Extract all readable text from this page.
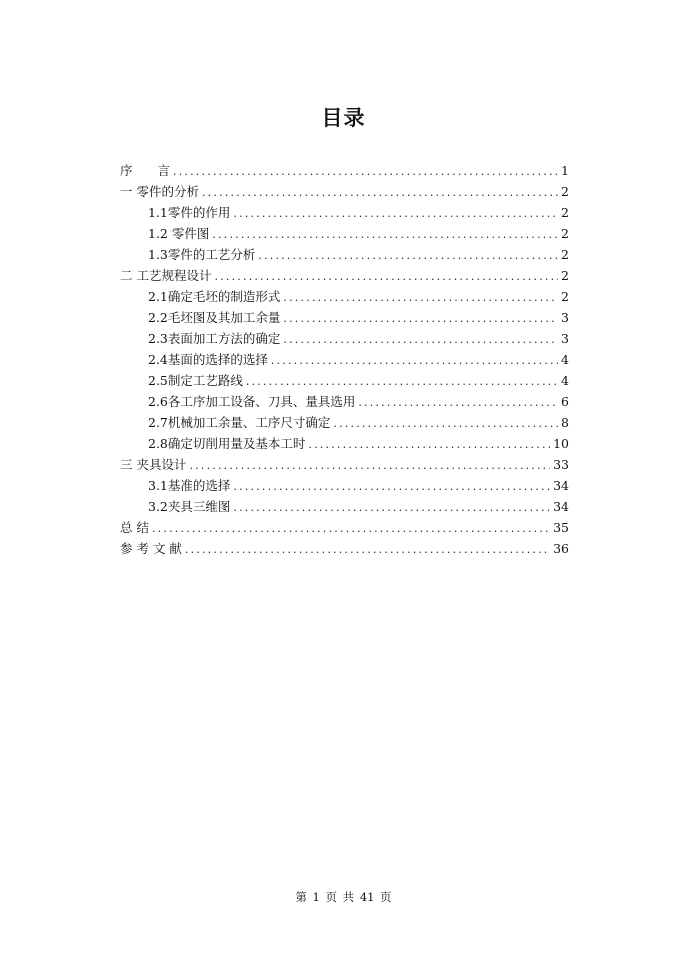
目录
序　　言 .....	1
一 零件的分析 .....	2
1.1零件的作用 .....	2
1.2 零件图 .....	2
1.3零件的工艺分析 .....	2
二 工艺规程设计 .....	2
2.1确定毛坯的制造形式 .....	2
2.2毛坯图及其加工余量 .....	3
2.3表面加工方法的确定 .....	3
2.4基面的选择的选择 .....	4
2.5制定工艺路线 .....	4
2.6各工序加工设备、刀具、量具选用 .....	6
2.7机械加工余量、工序尺寸确定 .....	8
2.8确定切削用量及基本工时 .....	10
三 夹具设计 .....	33
3.1基准的选择 .....	34
3.2夹具三维图 .....	34
总 结 .....	35
参 考 文 献 .....	36
第 1 页 共 41 页
